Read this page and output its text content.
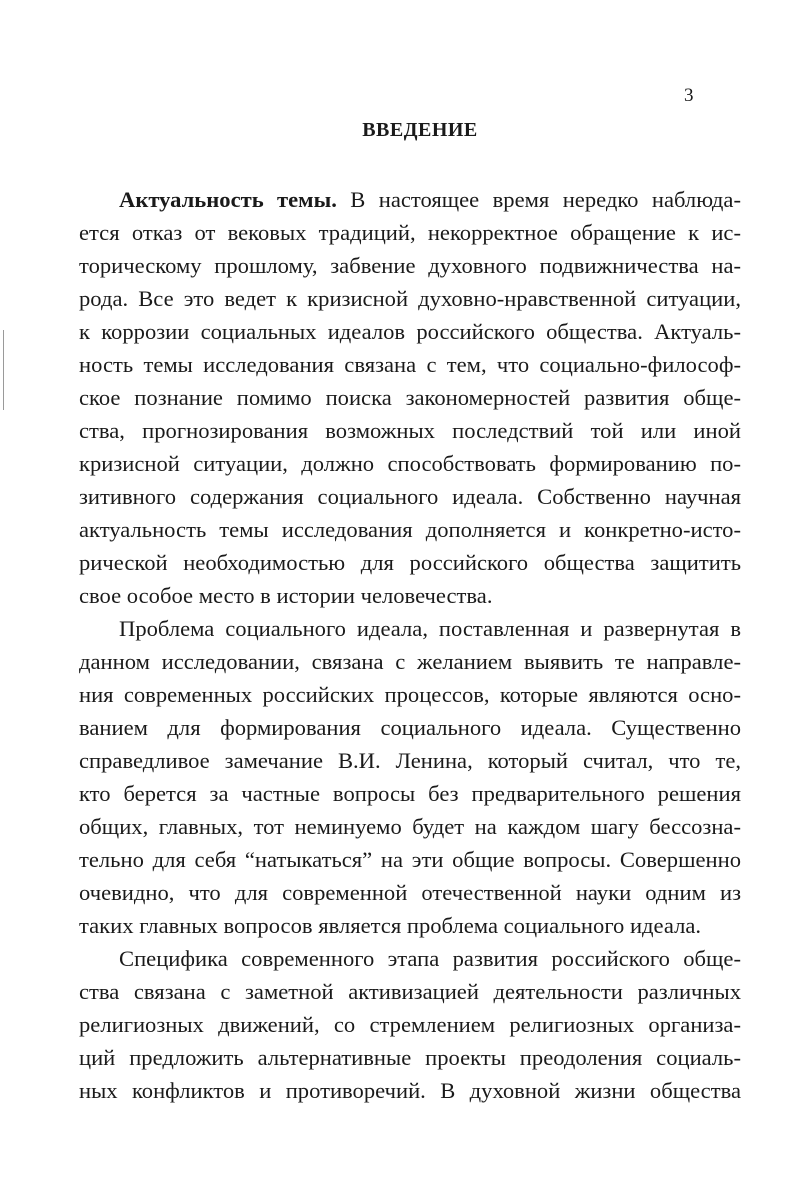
3
ВВЕДЕНИЕ
Актуальность темы. В настоящее время нередко наблюда-
ется отказ от вековых традиций, некорректное обращение к ис-
торическому прошлому, забвение духовного подвижничества на-
рода. Все это ведет к кризисной духовно-нравственной ситуации,
к коррозии социальных идеалов российского общества. Актуаль-
ность темы исследования связана с тем, что социально-философ-
ское познание помимо поиска закономерностей развития обще-
ства, прогнозирования возможных последствий той или иной
кризисной ситуации, должно способствовать формированию по-
зитивного содержания социального идеала. Собственно научная
актуальность темы исследования дополняется и конкретно-исто-
рической необходимостью для российского общества защитить
свое особое место в истории человечества.
Проблема социального идеала, поставленная и развернутая в
данном исследовании, связана с желанием выявить те направле-
ния современных российских процессов, которые являются осно-
ванием для формирования социального идеала. Существенно
справедливое замечание В.И. Ленина, который считал, что те,
кто берется за частные вопросы без предварительного решения
общих, главных, тот неминуемо будет на каждом шагу бессозна-
тельно для себя “натыкаться” на эти общие вопросы. Совершенно
очевидно, что для современной отечественной науки одним из
таких главных вопросов является проблема социального идеала.
Специфика современного этапа развития российского обще-
ства связана с заметной активизацией деятельности различных
религиозных движений, со стремлением религиозных организа-
ций предложить альтернативные проекты преодоления социаль-
ных конфликтов и противоречий. В духовной жизни общества
